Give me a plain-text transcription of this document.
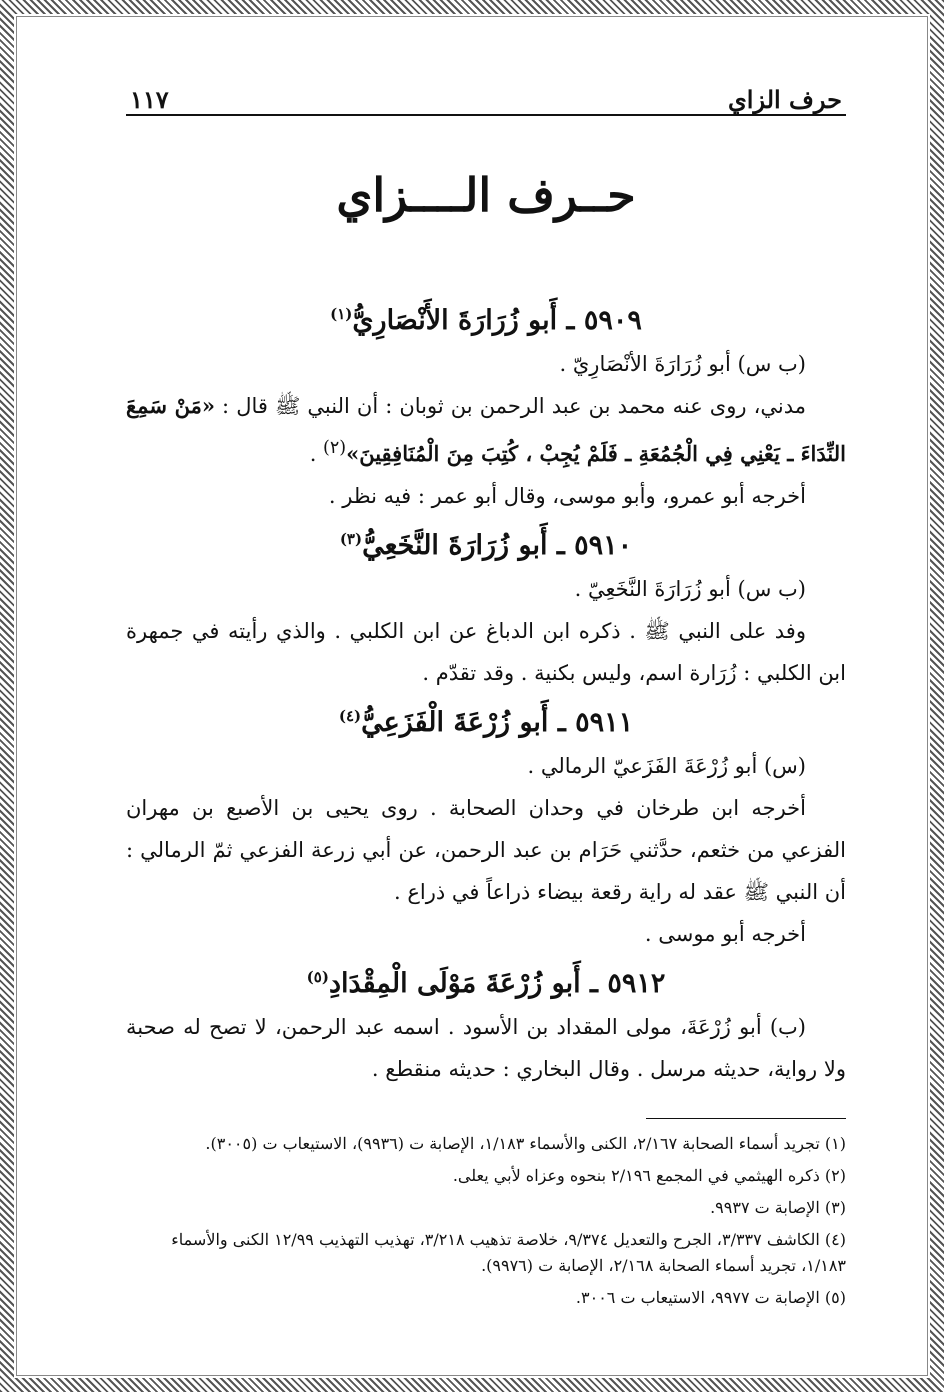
حرف الزاي
١١٧
حــرف الــــزاي
٥٩٠٩ ـ أَبو زُرَارَةَ الأَنْصَارِيُّ$^{(١)}$

(ب س) أبو زُرَارَةَ الأنْصَارِيّ .

مدني، روى عنه محمد بن عبد الرحمن بن ثوبان : أن النبي ﷺ قال : «مَنْ سَمِعَ النِّدَاءَ ـ يَعْنِي فِي الْجُمُعَةِ ـ فَلَمْ يُجِبْ ، كُتِبَ مِنَ الْمُنَافِقِينَ»$^{(٢)}$ .

أخرجه أبو عمرو، وأبو موسى، وقال أبو عمر : فيه نظر .

٥٩١٠ ـ أَبو زُرَارَةَ النَّخَعِيُّ$^{(٣)}$

(ب س) أبو زُرَارَةَ النَّخَعِيّ .

وفد على النبي ﷺ . ذكره ابن الدباغ عن ابن الكلبي . والذي رأيته في جمهرة ابن الكلبي : زُرَارة اسم، وليس بكنية . وقد تقدّم .

٥٩١١ ـ أَبو زُرْعَةَ الْفَزَعِيُّ$^{(٤)}$

(س) أبو زُرْعَةَ الفَزَعيّ الرمالي .

أخرجه ابن طرخان في وحدان الصحابة . روى يحيى بن الأصبع بن مهران الفزعي من خثعم، حدَّثني حَرَام بن عبد الرحمن، عن أبي زرعة الفزعي ثمّ الرمالي : أن النبي ﷺ عقد له راية رقعة بيضاء ذراعاً في ذراع .

أخرجه أبو موسى .

٥٩١٢ ـ أَبو زُرْعَةَ مَوْلَى الْمِقْدَادِ$^{(٥)}$

(ب) أبو زُرْعَةَ، مولى المقداد بن الأسود . اسمه عبد الرحمن، لا تصح له صحبة ولا رواية، حديثه مرسل . وقال البخاري : حديثه منقطع .

(١) تجريد أسماء الصحابة ٢/١٦٧، الكنى والأسماء ١/١٨٣، الإصابة ت (٩٩٣٦)، الاستيعاب ت (٣٠٠٥).

(٢) ذكره الهيثمي في المجمع ٢/١٩٦ بنحوه وعزاه لأبي يعلى.

(٣) الإصابة ت ٩٩٣٧.

(٤) الكاشف ٣/٣٣٧، الجرح والتعديل ٩/٣٧٤، خلاصة تذهيب ٣/٢١٨، تهذيب التهذيب ١٢/٩٩ الكنى والأسماء ١/١٨٣، تجريد أسماء الصحابة ٢/١٦٨، الإصابة ت (٩٩٧٦).

(٥) الإصابة ت ٩٩٧٧، الاستيعاب ت ٣٠٠٦.
